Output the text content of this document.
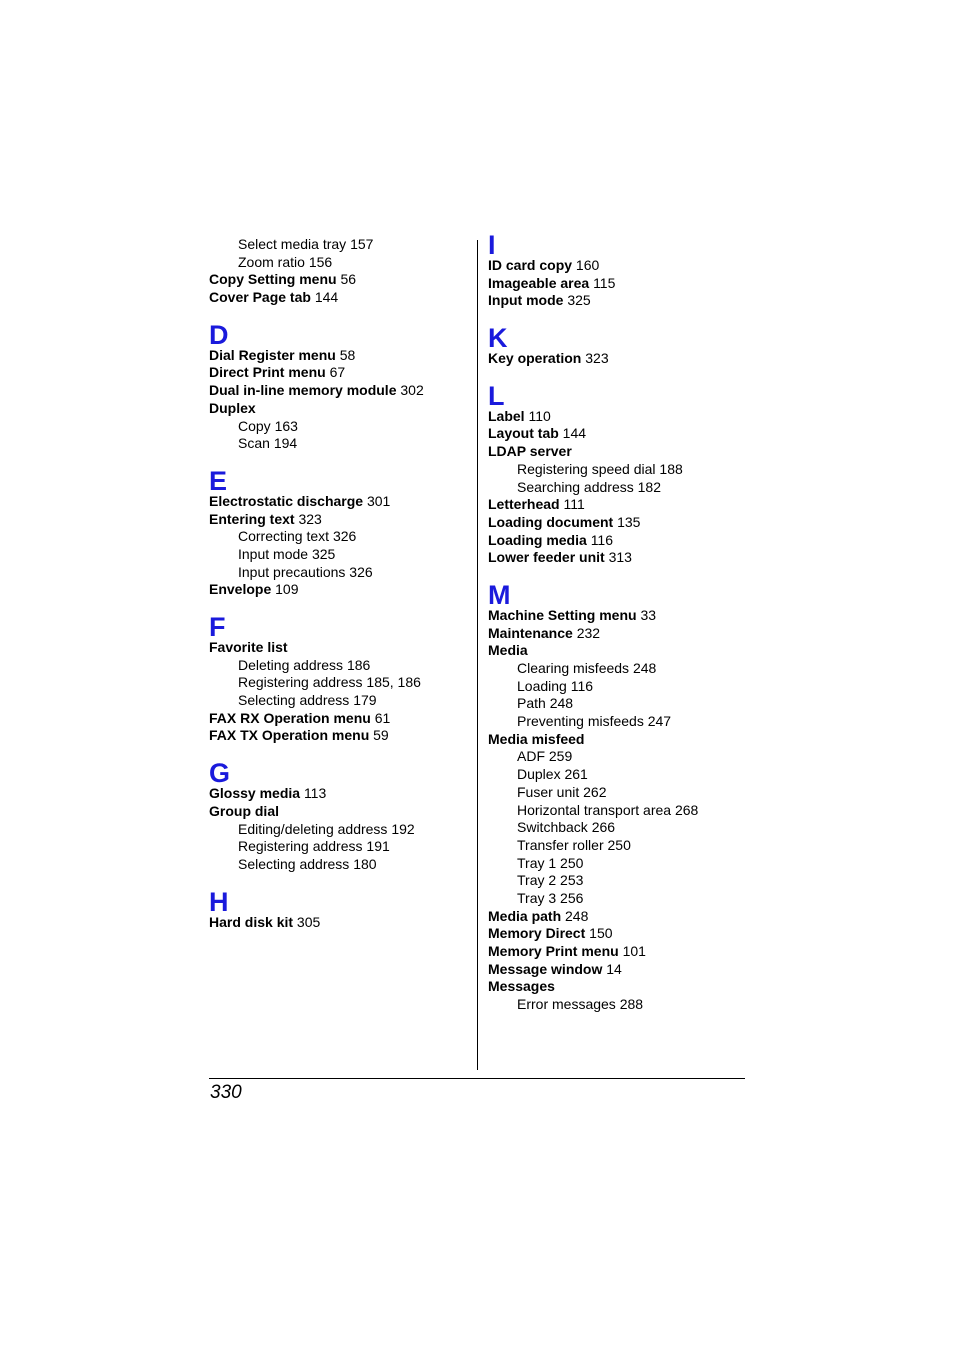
Select media tray 157
Zoom ratio 156
Copy Setting menu 56
Cover Page tab 144
D
Dial Register menu 58
Direct Print menu 67
Dual in-line memory module 302
Duplex
Copy 163
Scan 194
E
Electrostatic discharge 301
Entering text 323
Correcting text 326
Input mode 325
Input precautions 326
Envelope 109
F
Favorite list
Deleting address 186
Registering address 185, 186
Selecting address 179
FAX RX Operation menu 61
FAX TX Operation menu 59
G
Glossy media 113
Group dial
Editing/deleting address 192
Registering address 191
Selecting address 180
H
Hard disk kit 305
I
ID card copy 160
Imageable area 115
Input mode 325
K
Key operation 323
L
Label 110
Layout tab 144
LDAP server
Registering speed dial 188
Searching address 182
Letterhead 111
Loading document 135
Loading media 116
Lower feeder unit 313
M
Machine Setting menu 33
Maintenance 232
Media
Clearing misfeeds 248
Loading 116
Path 248
Preventing misfeeds 247
Media misfeed
ADF 259
Duplex 261
Fuser unit 262
Horizontal transport area 268
Switchback 266
Transfer roller 250
Tray 1 250
Tray 2 253
Tray 3 256
Media path 248
Memory Direct 150
Memory Print menu 101
Message window 14
Messages
Error messages 288
330
